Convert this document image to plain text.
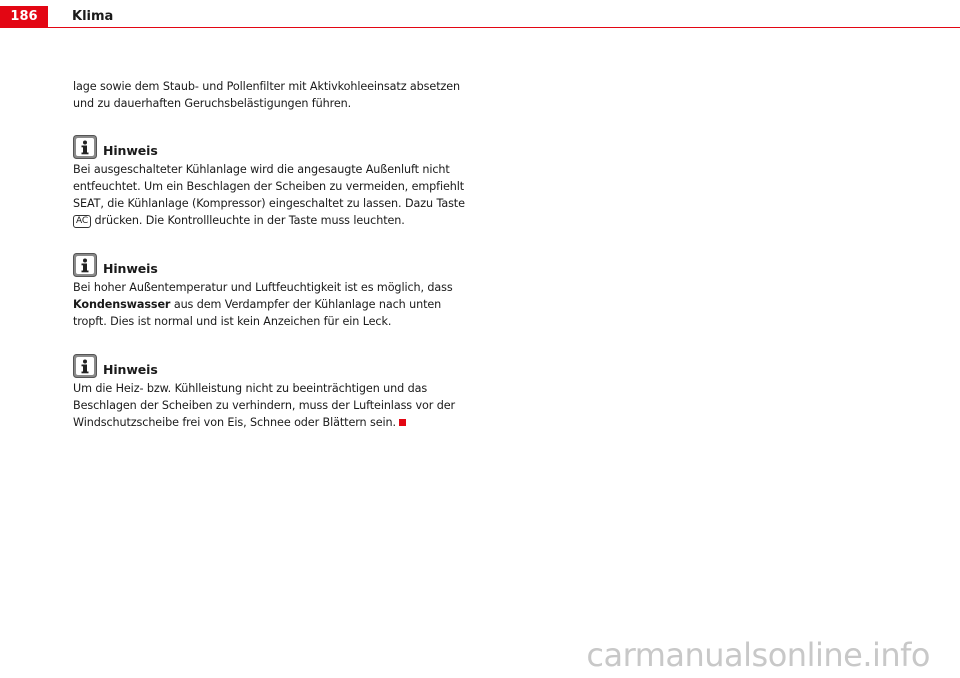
186	Klima

lage sowie dem Staub- und Pollenfilter mit Aktivkohleeinsatz absetzen und zu dauerhaften Geruchsbelästigungen führen.

Hinweis

Bei ausgeschalteter Kühlanlage wird die angesaugte Außenluft nicht entfeuchtet. Um ein Beschlagen der Scheiben zu vermeiden, empfiehlt SEAT, die Kühlanlage (Kompressor) eingeschaltet zu lassen. Dazu Taste AC drücken. Die Kontrollleuchte in der Taste muss leuchten.

Hinweis

Bei hoher Außentemperatur und Luftfeuchtigkeit ist es möglich, dass Kondenswasser aus dem Verdampfer der Kühlanlage nach unten tropft. Dies ist normal und ist kein Anzeichen für ein Leck.

Hinweis

Um die Heiz- bzw. Kühlleistung nicht zu beeinträchtigen und das Beschlagen der Scheiben zu verhindern, muss der Lufteinlass vor der Windschutzscheibe frei von Eis, Schnee oder Blättern sein.

carmanualsonline.info
